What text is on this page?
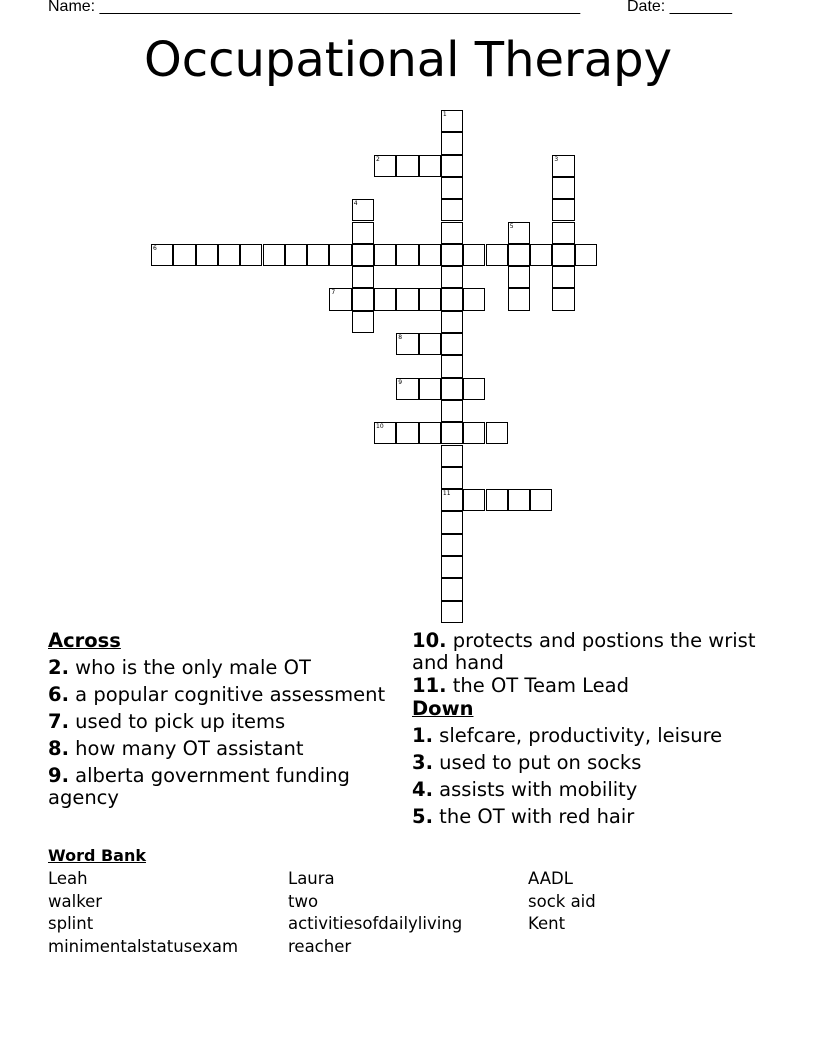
Name: ______________________________________________________	Date: _______
Occupational Therapy
1
11
2	3
4
5
6
7
8
9
10
Across
2. who is the only male OT
6. a popular cognitive assessment
7. used to pick up items
8. how many OT assistant
9. alberta government funding agency
10. protects and postions the wrist and hand
11. the OT Team Lead
Down
1. slefcare, productivity, leisure
3. used to put on socks
4. assists with mobility
5. the OT with red hair
Word Bank
Leah
walker
splint
minimentalstatusexam
Laura
two
activitiesofdailyliving
reacher
AADL
sock aid
Kent
